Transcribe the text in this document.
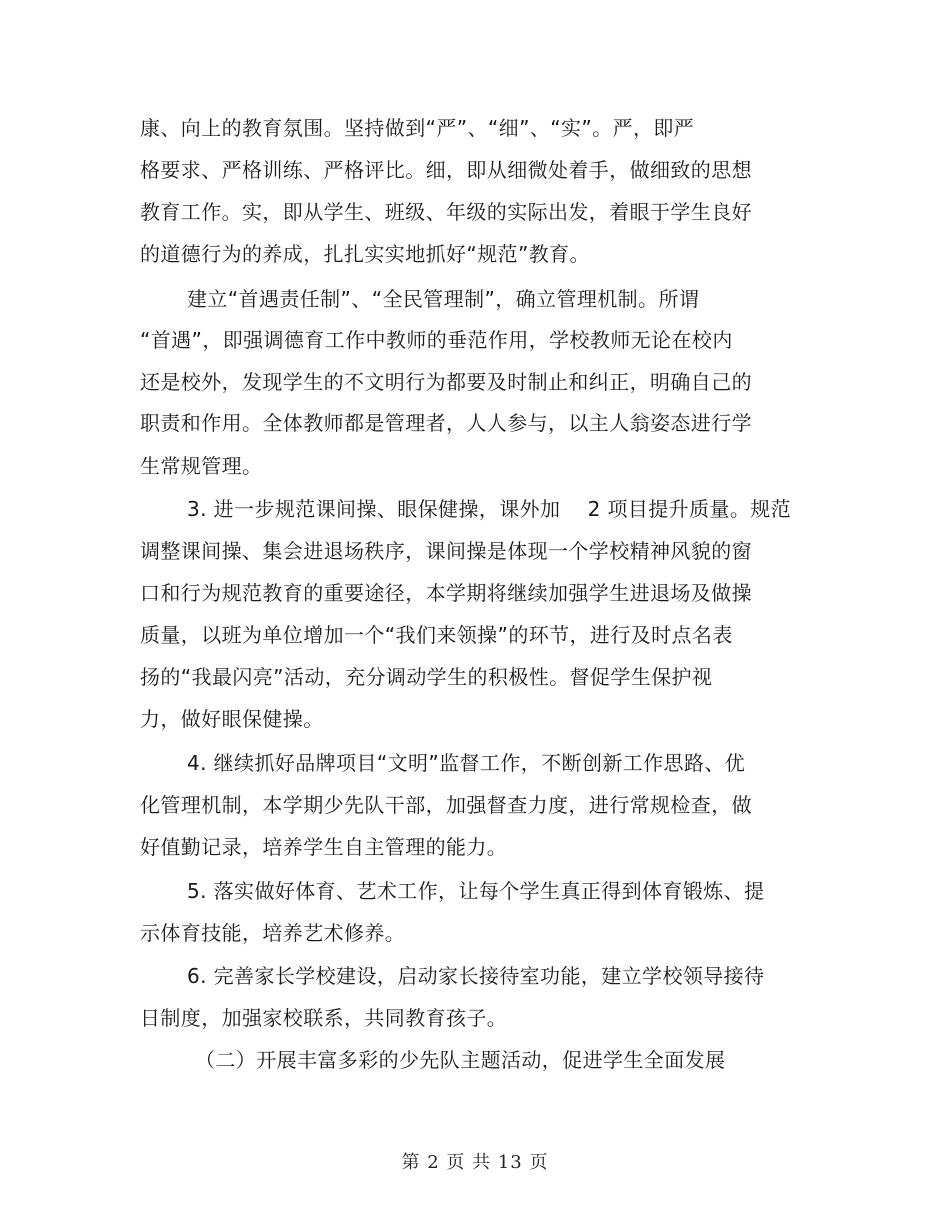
康、向上的教育氛围。坚持做到“严”、“细”、“实”。严，即严
格要求、严格训练、严格评比。细，即从细微处着手，做细致的思想
教育工作。实，即从学生、班级、年级的实际出发，着眼于学生良好
的道德行为的养成，扎扎实实地抓好“规范”教育。
建立“首遇责任制”、“全民管理制”，确立管理机制。所谓
“首遇”，即强调德育工作中教师的垂范作用，学校教师无论在校内
还是校外，发现学生的不文明行为都要及时制止和纠正，明确自己的
职责和作用。全体教师都是管理者，人人参与，以主人翁姿态进行学
生常规管理。
3. 进一步规范课间操、眼保健操，课外加　 2 项目提升质量。规范
调整课间操、集会进退场秩序，课间操是体现一个学校精神风貌的窗
口和行为规范教育的重要途径，本学期将继续加强学生进退场及做操
质量，以班为单位增加一个“我们来领操”的环节，进行及时点名表
扬的“我最闪亮”活动，充分调动学生的积极性。督促学生保护视
力，做好眼保健操。
4. 继续抓好品牌项目“文明”监督工作，不断创新工作思路、优
化管理机制，本学期少先队干部，加强督查力度，进行常规检查，做
好值勤记录，培养学生自主管理的能力。
5. 落实做好体育、艺术工作，让每个学生真正得到体育锻炼、提
示体育技能，培养艺术修养。
6. 完善家长学校建设，启动家长接待室功能，建立学校领导接待
日制度，加强家校联系，共同教育孩子。
（二）开展丰富多彩的少先队主题活动，促进学生全面发展
第 2 页 共 13 页
